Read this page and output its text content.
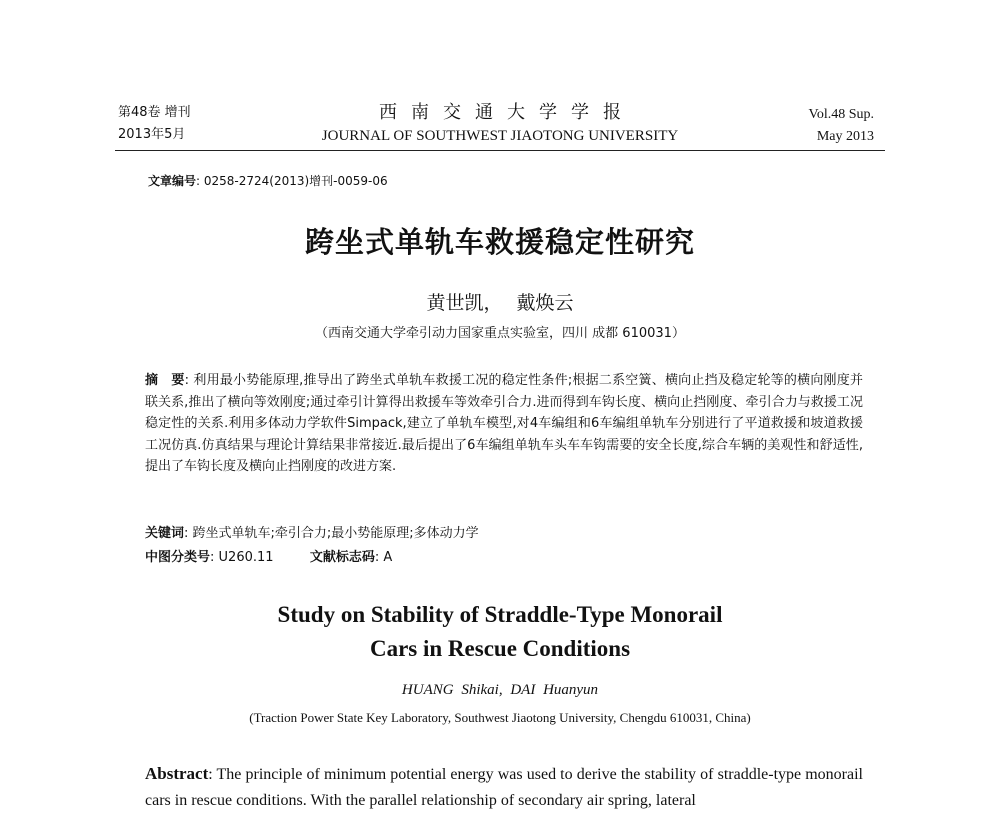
第48卷 增刊
2013年5月
西南交通大学学报
JOURNAL OF SOUTHWEST JIAOTONG UNIVERSITY
Vol.48 Sup.
May 2013
文章编号: 0258-2724(2013)增刊-0059-06
跨坐式单轨车救援稳定性研究
黄世凯， 戴焕云
（西南交通大学牵引动力国家重点实验室，四川 成都 610031）
摘　要: 利用最小势能原理,推导出了跨坐式单轨车救援工况的稳定性条件;根据二系空簧、横向止挡及稳定轮等的横向刚度并联关系,推出了横向等效刚度;通过牵引计算得出救援车等效牵引合力.进而得到车钩长度、横向止挡刚度、牵引合力与救援工况稳定性的关系.利用多体动力学软件Simpack,建立了单轨车模型,对4车编组和6车编组单轨车分别进行了平道救援和坡道救援工况仿真.仿真结果与理论计算结果非常接近.最后提出了6车编组单轨车头车车钩需要的安全长度,综合车辆的美观性和舒适性,提出了车钩长度及横向止挡刚度的改进方案.
关键词: 跨坐式单轨车;牵引合力;最小势能原理;多体动力学
中图分类号: U260.11	文献标志码: A
Study on Stability of Straddle-Type Monorail
Cars in Rescue Conditions
HUANG Shikai, DAI Huanyun
(Traction Power State Key Laboratory, Southwest Jiaotong University, Chengdu 610031, China)
Abstract: The principle of minimum potential energy was used to derive the stability of straddle-type monorail cars in rescue conditions. With the parallel relationship of secondary air spring, lateral
